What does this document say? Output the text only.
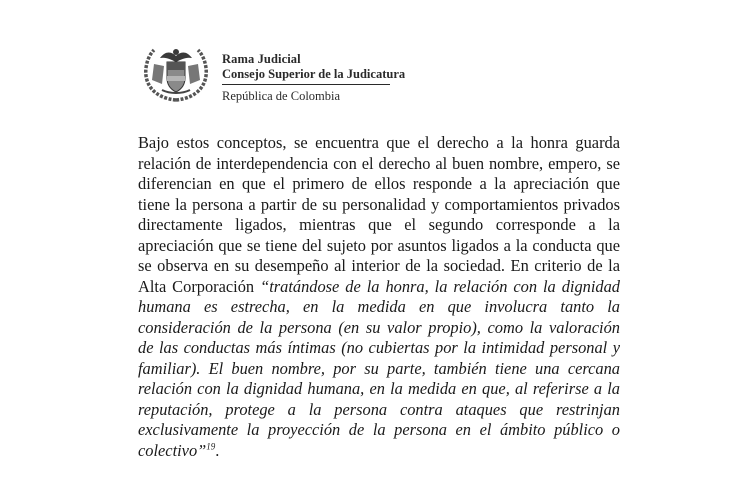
Rama Judicial
Consejo Superior de la Judicatura
República de Colombia
Bajo estos conceptos, se encuentra que el derecho a la honra guarda
relación de interdependencia con el derecho al buen nombre, empero, se
diferencian en que el primero de ellos responde a la apreciación que
tiene la persona a partir de su personalidad y comportamientos privados
directamente ligados, mientras que el segundo corresponde a la
apreciación que se tiene del sujeto por asuntos ligados a la conducta que
se observa en su desempeño al interior de la sociedad. En criterio de la
Alta Corporación “tratándose de la honra, la relación con la dignidad
humana es estrecha, en la medida en que involucra tanto la
consideración de la persona (en su valor propio), como la valoración
de las conductas más íntimas (no cubiertas por la intimidad personal y
familiar). El buen nombre, por su parte, también tiene una cercana
relación con la dignidad humana, en la medida en que, al referirse a la
reputación, protege a la persona contra ataques que restrinjan
exclusivamente la proyección de la persona en el ámbito público o
colectivo”$^{19}$.
